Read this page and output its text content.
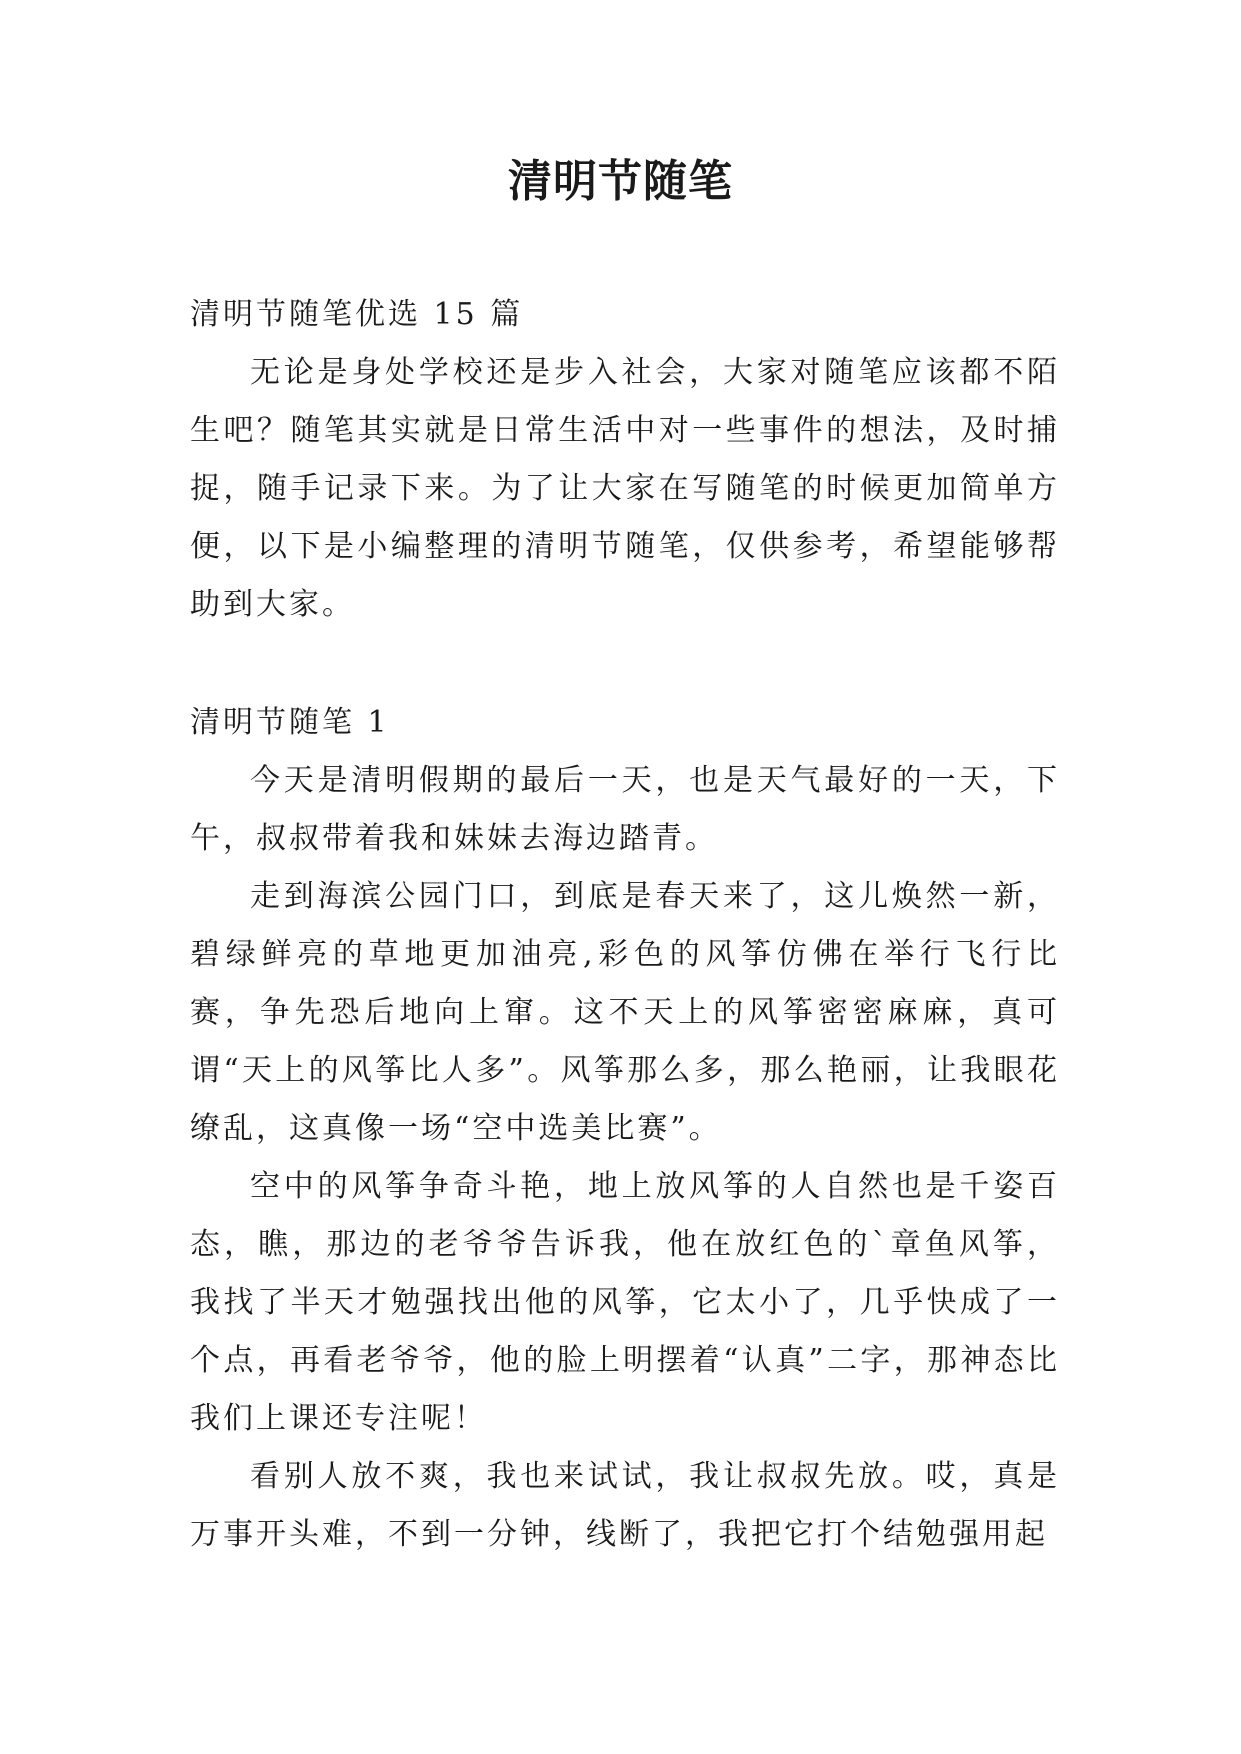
清明节随笔
清明节随笔优选 15 篇

无论是身处学校还是步入社会，大家对随笔应该都不陌生吧？随笔其实就是日常生活中对一些事件的想法，及时捕捉，随手记录下来。为了让大家在写随笔的时候更加简单方便，以下是小编整理的清明节随笔，仅供参考，希望能够帮助到大家。

清明节随笔 1

今天是清明假期的最后一天，也是天气最好的一天，下午，叔叔带着我和妹妹去海边踏青。

走到海滨公园门口，到底是春天来了，这儿焕然一新，碧绿鲜亮的草地更加油亮,彩色的风筝仿佛在举行飞行比赛，争先恐后地向上窜。这不天上的风筝密密麻麻，真可谓“天上的风筝比人多”。风筝那么多，那么艳丽，让我眼花缭乱，这真像一场“空中选美比赛”。

空中的风筝争奇斗艳，地上放风筝的人自然也是千姿百态，瞧，那边的老爷爷告诉我，他在放红色的`章鱼风筝，我找了半天才勉强找出他的风筝，它太小了，几乎快成了一个点，再看老爷爷，他的脸上明摆着“认真”二字，那神态比我们上课还专注呢！

看别人放不爽，我也来试试，我让叔叔先放。哎，真是万事开头难，不到一分钟，线断了，我把它打个结勉强用起
